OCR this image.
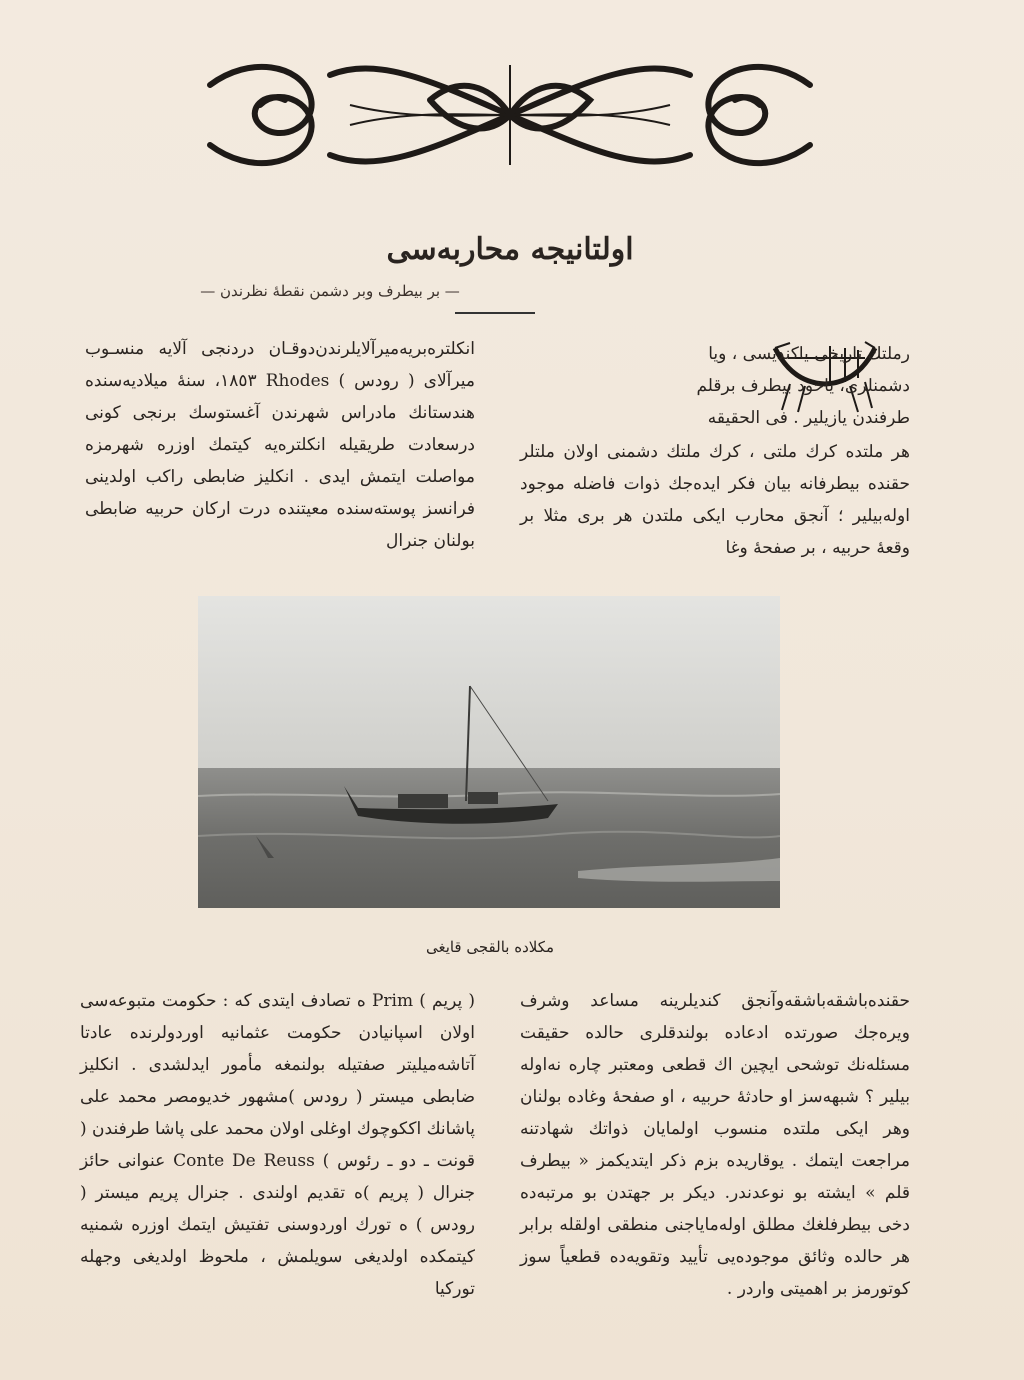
اولتانيجه محاربه‌سی
— بر بيطرف وبر دشمن نقطهٔ نظرندن —

رملتك تاريخی ياكنديسی ، ويا

دشمنلری، ياخود بيطرف برقلم

طرفندن يازيلير . فی الحقيقه

هر ملتده كرك ملتی ، كرك ملتك دشمنی اولان ملتلر حقنده بيطرفانه بيان فكر ايده‌جك ذوات فاضله موجود اوله‌بيلير ؛ آنجق محارب ايكی ملتدن هر بری مثلا بر وقعهٔ حربيه ، بر صفحهٔ وغا

انكلتره‌بريه‌ميرآلايلرندن‌دوقـان دردنجی آلايه منسـوب ميرآلای ( رودس ) Rhodes ١٨٥٣، سنهٔ ميلاديه‌سنده هندستانك مادراس شهرندن آغستوسك برنجی كونی درسعادت طريقيله انكلتره‌يه كيتمك اوزره شهرمزه مواصلت ايتمش ايدی . انكليز ضابطی راكب اولدينی فرانسز پوسته‌سنده معيتنده درت اركان حربيه ضابطی بولنان جنرال

مكلاده بالقجی قايغی

حقنده‌باشقه‌باشقه‌وآنجق كنديلرينه مساعد وشرف ويره‌جك صورتده ادعاده بولندقلری حالده حقيقت مسئله‌نك توشحی ايچين اك قطعی ومعتبر چاره نه‌اوله بيلير ؟ شبهه‌سز او حادثهٔ حربيه ، او صفحهٔ وغاده بولنان وهر ايكی ملتده منسوب اولمايان ذواتك شهادتنه مراجعت ايتمك . يوقاريده بزم ذكر ايتديكمز « بيطرف قلم » ايشته بو نوعدندر. ديكر بر جهتدن بو مرتبه‌ده دخی بيطرفلغك مطلق اوله‌ماياجنی منطقی اولقله برابر هر حالده وثائق موجوده‌يی تأييد وتقويه‌ده قطعياً سوز كوتورمز بر اهميتی واردر .

( پريم ) Prim ه تصادف ايتدی كه : حكومت متبوعه‌سی اولان اسپانيادن حكومت عثمانيه اوردولرنده عادتا آتاشه‌ميليتر صفتيله بولنمغه مأمور ايدلشدی . انكليز ضابطی ميستر ( رودس )مشهور خديومصر محمد علی پاشانك اككوچوك اوغلی اولان محمد علی پاشا طرفندن ( قونت ـ دو ـ رئوس ) Conte De Reuss عنوانی حائز جنرال ( پريم )ه تقديم اولندی . جنرال پريم ميستر ( رودس ) ه تورك اوردوسنی تفتيش ايتمك اوزره شمنیه كيتمكده اولديغی سويلمش ، ملحوظ اولديغی وجهله توركيا
